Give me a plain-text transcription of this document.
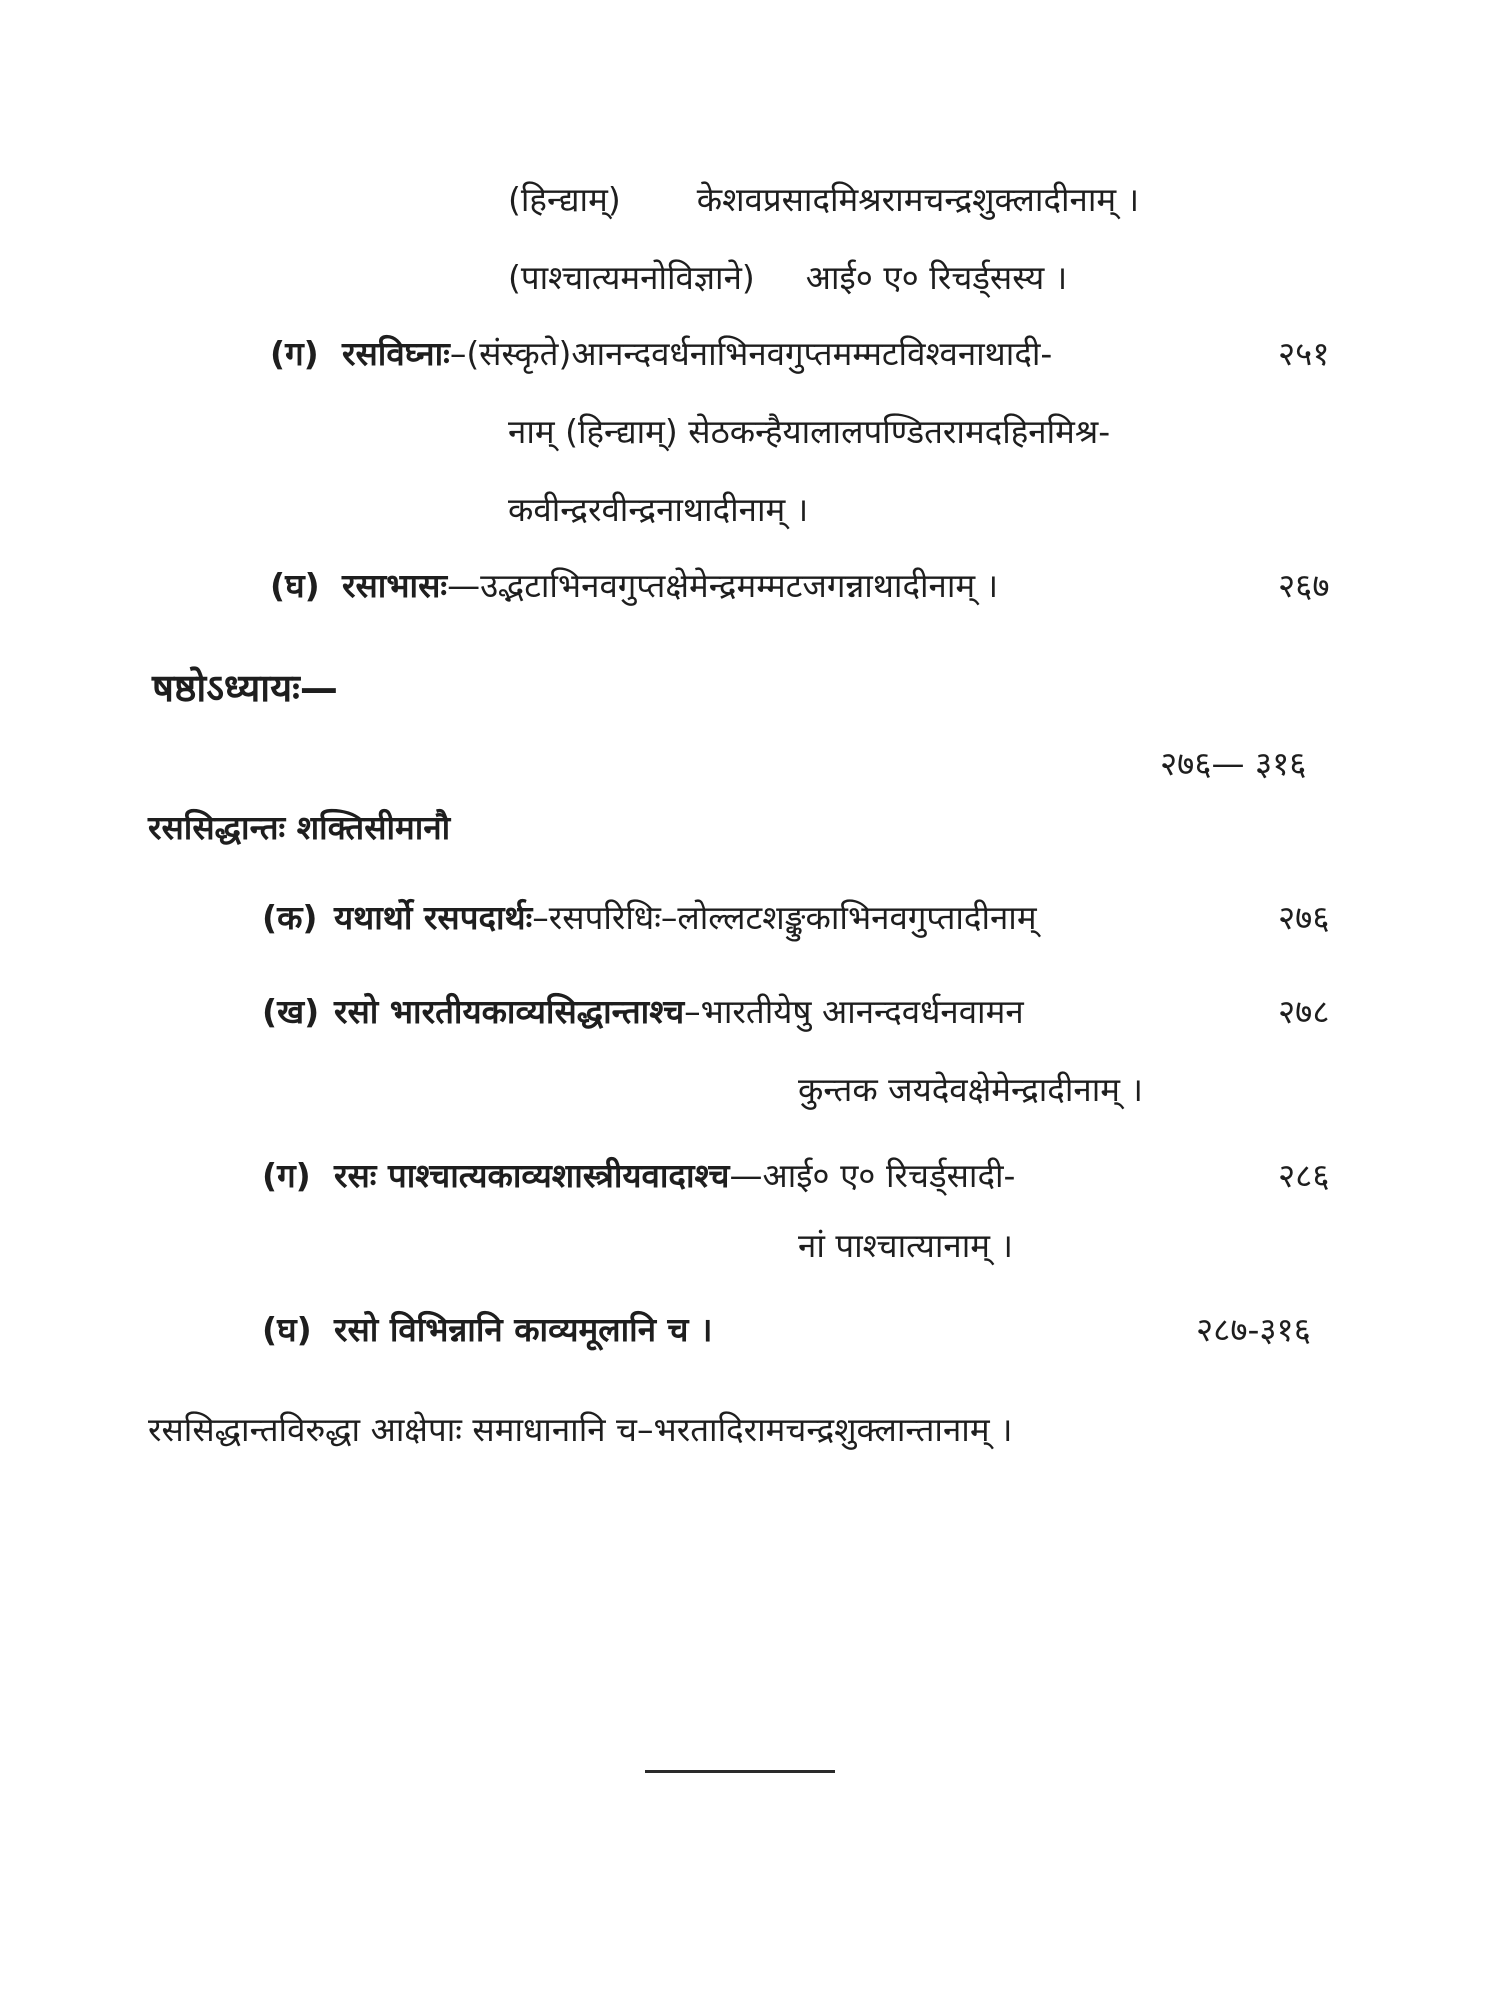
(हिन्द्याम्) केशवप्रसादमिश्ररामचन्द्रशुक्लादीनाम् ।
(पाश्चात्यमनोविज्ञाने) आई० ए० रिचर्ड्सस्य ।
(ग) रसविघ्नाः–(संस्कृते)आनन्दवर्धनाभिनवगुप्तमम्मटविश्वनाथादी-	२५१
नाम् (हिन्द्याम्) सेठकन्हैयालालपण्डितरामदहिनमिश्र-
कवीन्द्ररवीन्द्रनाथादीनाम् ।
(घ) रसाभासः—उद्भटाभिनवगुप्तक्षेमेन्द्रमम्मटजगन्नाथादीनाम् ।	२६७
षष्ठोऽध्यायः—
२७६— ३१६
रससिद्धान्तः शक्तिसीमानौ
(क) यथार्थो रसपदार्थः–रसपरिधिः–लोल्लटशङ्कुकाभिनवगुप्तादीनाम्	२७६
(ख) रसो भारतीयकाव्यसिद्धान्ताश्च–भारतीयेषु आनन्दवर्धनवामन	२७८
कुन्तक जयदेवक्षेमेन्द्रादीनाम् ।
(ग) रसः पाश्चात्यकाव्यशास्त्रीयवादाश्च—आई० ए० रिचर्ड्सादी-	२८६
नां पाश्चात्यानाम् ।
(घ) रसो विभिन्नानि काव्यमूलानि च ।	२८७-३१६
रससिद्धान्तविरुद्धा आक्षेपाः समाधानानि च–भरतादिरामचन्द्रशुक्लान्तानाम् ।
